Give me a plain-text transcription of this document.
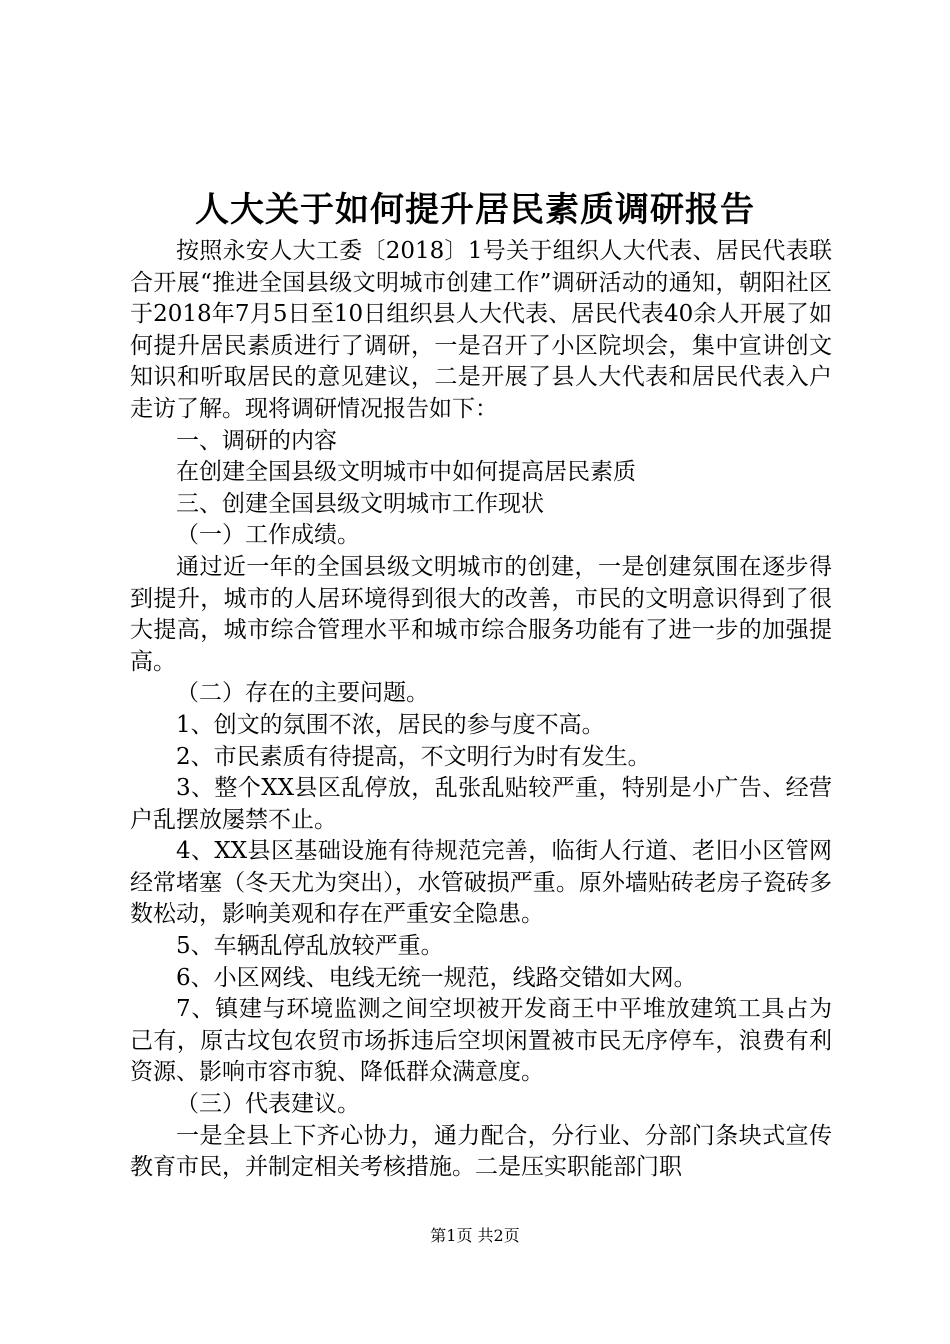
人大关于如何提升居民素质调研报告

按照永安人大工委〔2018〕1号关于组织人大代表、居民代表联合开展“推进全国县级文明城市创建工作”调研活动的通知，朝阳社区于2018年7月5日至10日组织县人大代表、居民代表40余人开展了如何提升居民素质进行了调研，一是召开了小区院坝会，集中宣讲创文知识和听取居民的意见建议，二是开展了县人大代表和居民代表入户走访了解。现将调研情况报告如下：

一、调研的内容

在创建全国县级文明城市中如何提高居民素质

三、创建全国县级文明城市工作现状

（一）工作成绩。

通过近一年的全国县级文明城市的创建，一是创建氛围在逐步得到提升，城市的人居环境得到很大的改善，市民的文明意识得到了很大提高，城市综合管理水平和城市综合服务功能有了进一步的加强提高。

（二）存在的主要问题。

1、创文的氛围不浓，居民的参与度不高。

2、市民素质有待提高，不文明行为时有发生。

3、整个XX县区乱停放，乱张乱贴较严重，特别是小广告、经营户乱摆放屡禁不止。

4、XX县区基础设施有待规范完善，临街人行道、老旧小区管网经常堵塞（冬天尤为突出），水管破损严重。原外墙贴砖老房子瓷砖多数松动，影响美观和存在严重安全隐患。

5、车辆乱停乱放较严重。

6、小区网线、电线无统一规范，线路交错如大网。

7、镇建与环境监测之间空坝被开发商王中平堆放建筑工具占为己有，原古坟包农贸市场拆违后空坝闲置被市民无序停车，浪费有利资源、影响市容市貌、降低群众满意度。

（三）代表建议。

一是全县上下齐心协力，通力配合，分行业、分部门条块式宣传教育市民，并制定相关考核措施。二是压实职能部门职

第1页 共2页
